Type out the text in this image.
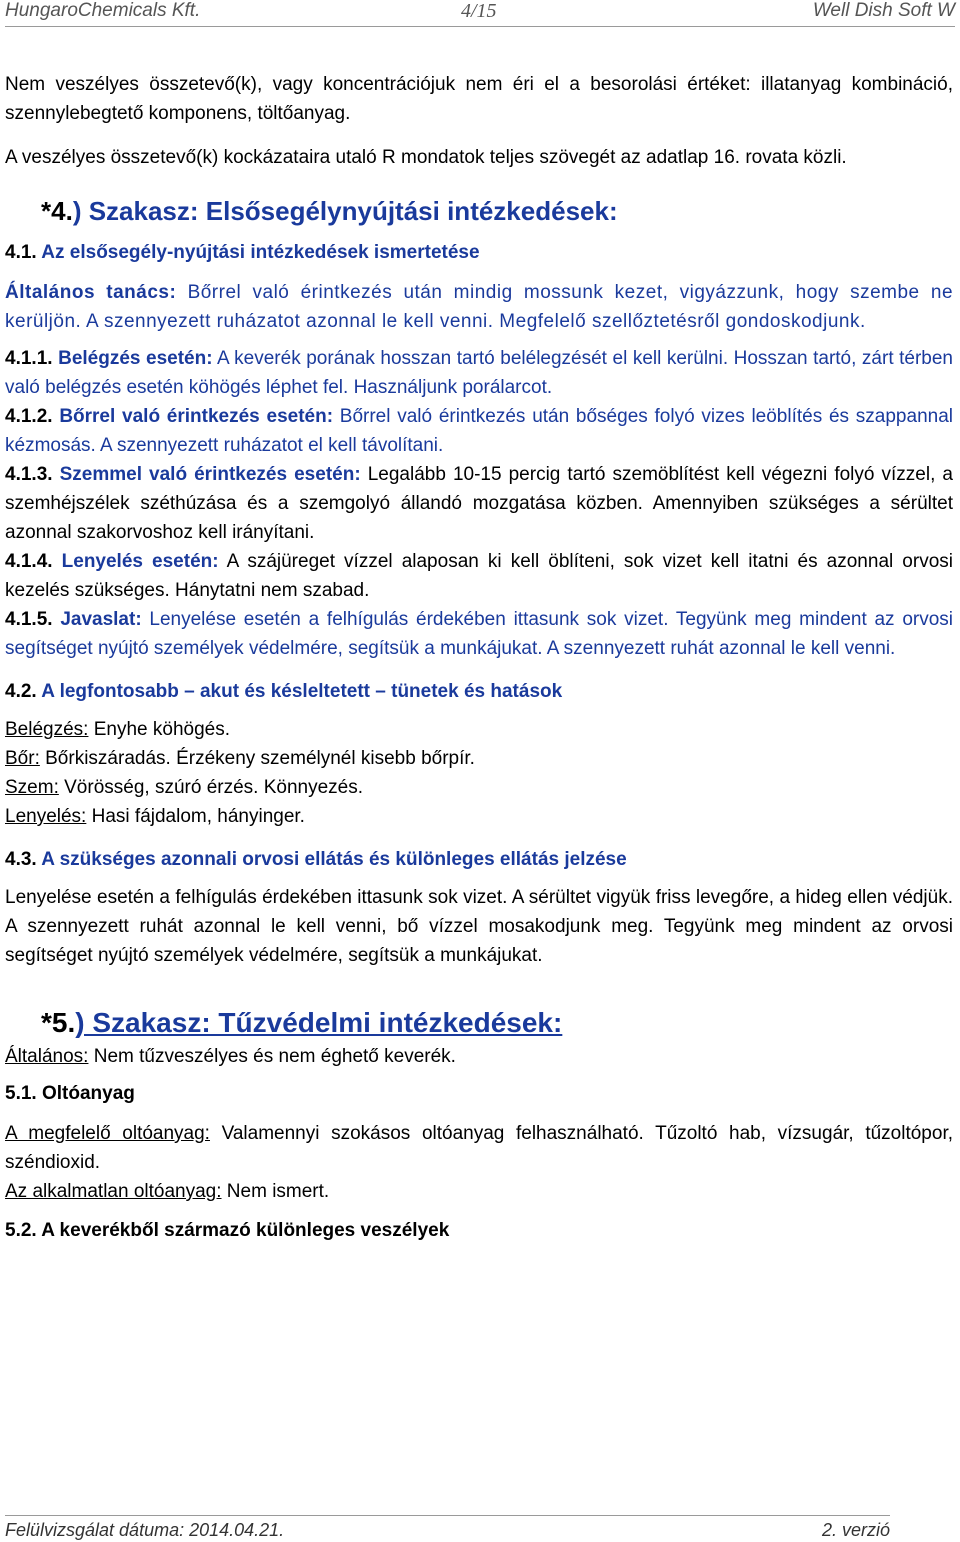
HungaroChemicals Kft.	4/15	Well Dish Soft W

Nem veszélyes összetevő(k), vagy koncentrációjuk nem éri el a besorolási értéket: illatanyag kombináció, szennylebegtető komponens, töltőanyag.

A veszélyes összetevő(k) kockázataira utaló R mondatok teljes szövegét az adatlap 16. rovata közli.

*4.) Szakasz: Elsősegélynyújtási intézkedések:

4.1. Az elsősegély-nyújtási intézkedések ismertetése

Általános tanács: Bőrrel való érintkezés után mindig mossunk kezet, vigyázzunk, hogy szembe ne kerüljön. A szennyezett ruházatot azonnal le kell venni. Megfelelő szellőztetésről gondoskodjunk.

4.1.1. Belégzés esetén: A keverék porának hosszan tartó belélegzését el kell kerülni. Hosszan tartó, zárt térben való belégzés esetén köhögés léphet fel. Használjunk porálarcot.

4.1.2. Bőrrel való érintkezés esetén: Bőrrel való érintkezés után bőséges folyó vizes leöblítés és szappannal kézmosás. A szennyezett ruházatot el kell távolítani.

4.1.3. Szemmel való érintkezés esetén: Legalább 10-15 percig tartó szemöblítést kell végezni folyó vízzel, a szemhéjszélek széthúzása és a szemgolyó állandó mozgatása közben. Amennyiben szükséges a sérültet azonnal szakorvoshoz kell irányítani.

4.1.4. Lenyelés esetén: A szájüreget vízzel alaposan ki kell öblíteni, sok vizet kell itatni és azonnal orvosi kezelés szükséges. Hánytatni nem szabad.

4.1.5. Javaslat: Lenyelése esetén a felhígulás érdekében ittasunk sok vizet. Tegyünk meg mindent az orvosi segítséget nyújtó személyek védelmére, segítsük a munkájukat. A szennyezett ruhát azonnal le kell venni.

4.2. A legfontosabb – akut és késleltetett – tünetek és hatások

Belégzés: Enyhe köhögés.

Bőr: Bőrkiszáradás. Érzékeny személynél kisebb bőrpír.

Szem: Vörösség, szúró érzés. Könnyezés.

Lenyelés: Hasi fájdalom, hányinger.

4.3. A szükséges azonnali orvosi ellátás és különleges ellátás jelzése

Lenyelése esetén a felhígulás érdekében ittasunk sok vizet. A sérültet vigyük friss levegőre, a hideg ellen védjük. A szennyezett ruhát azonnal le kell venni, bő vízzel mosakodjunk meg. Tegyünk meg mindent az orvosi segítséget nyújtó személyek védelmére, segítsük a munkájukat.

*5.) Szakasz: Tűzvédelmi intézkedések:

Általános: Nem tűzveszélyes és nem éghető keverék.

5.1. Oltóanyag

A megfelelő oltóanyag: Valamennyi szokásos oltóanyag felhasználható. Tűzoltó hab, vízsugár, tűzoltópor, széndioxid.

Az alkalmatlan oltóanyag: Nem ismert.

5.2. A keverékből származó különleges veszélyek

Felülvizsgálat dátuma: 2014.04.21.	2. verzió
